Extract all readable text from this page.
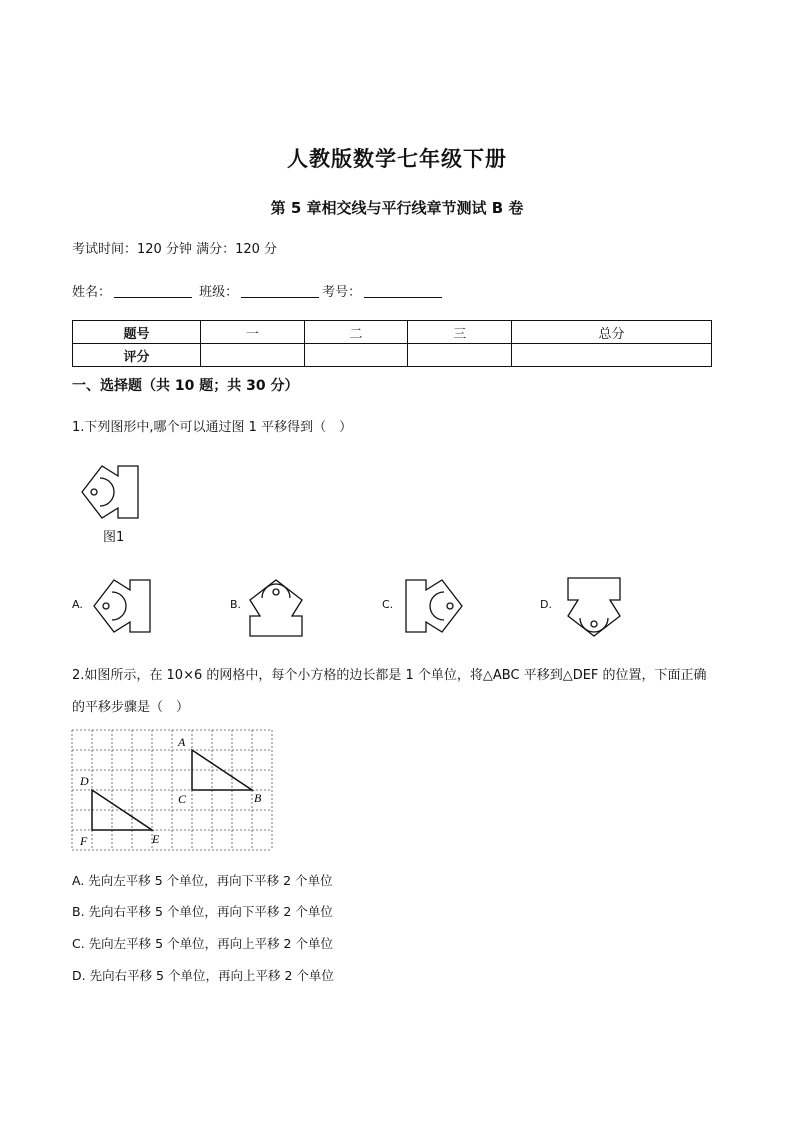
人教版数学七年级下册
第 5 章相交线与平行线章节测试 B 卷
考试时间：120 分钟 满分：120 分
姓名：	班级：	考号：
题号	一	二	三	总分
评分				
一、选择题（共 10 题；共 30 分）
1.下列图形中,哪个可以通过图 1 平移得到（　）
图1
A.	B.	C.	D.
2.如图所示，在 10×6 的网格中，每个小方格的边长都是 1 个单位，将△ABC 平移到△DEF 的位置，下面正确
的平移步骤是（　）
A
B
C
D
E
F
A. 先向左平移 5 个单位，再向下平移 2 个单位
B. 先向右平移 5 个单位，再向下平移 2 个单位
C. 先向左平移 5 个单位，再向上平移 2 个单位
D. 先向右平移 5 个单位，再向上平移 2 个单位
